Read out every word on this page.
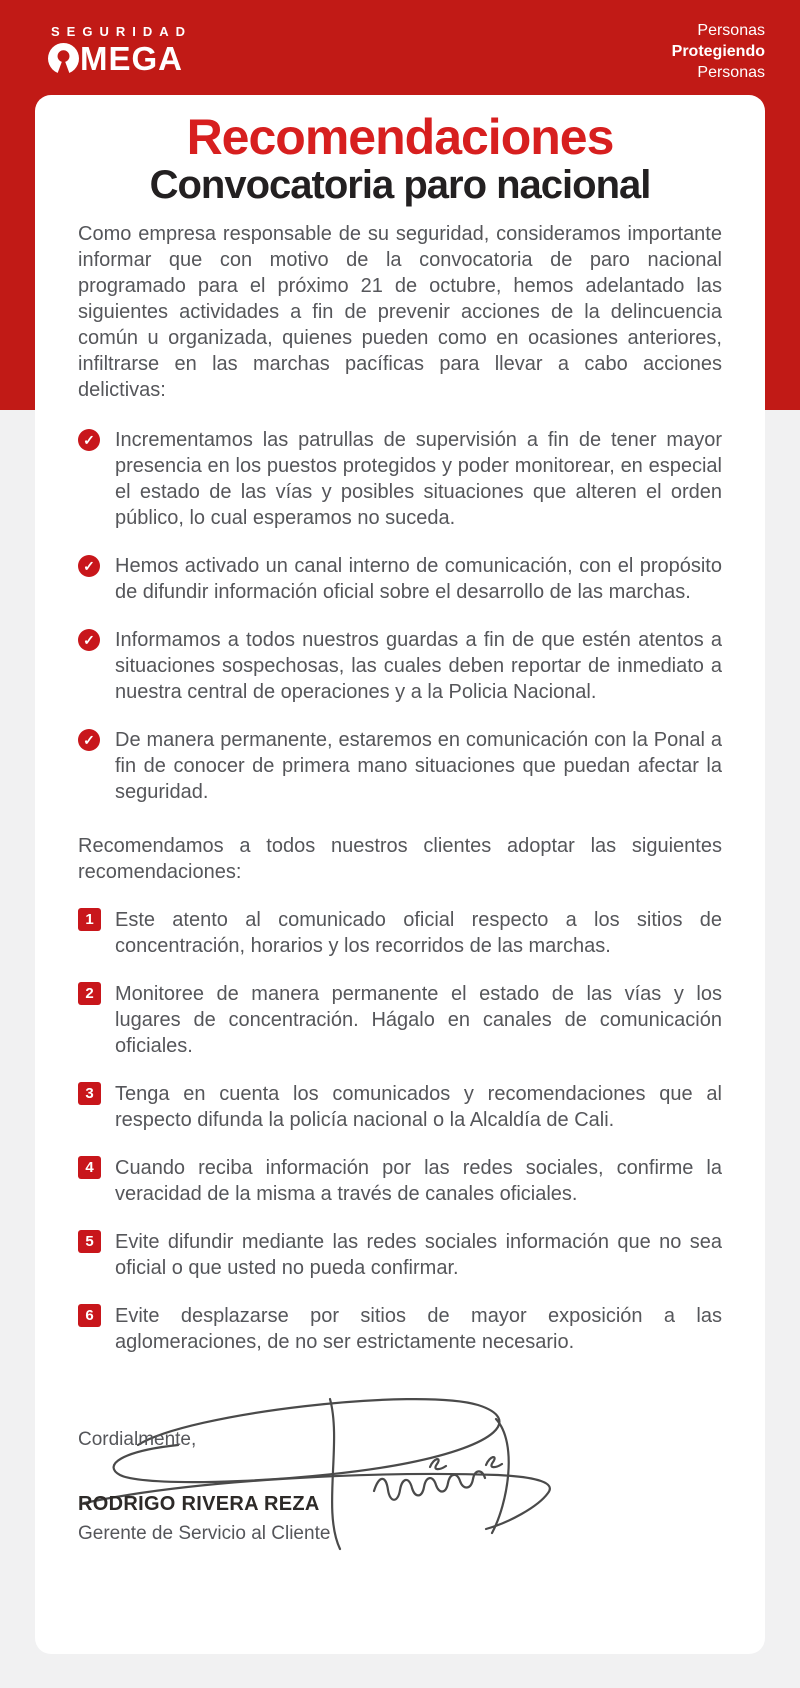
SEGURIDAD
MEGA
Personas
Protegiendo
Personas
Recomendaciones
Convocatoria paro nacional

Como empresa responsable de su seguridad, consideramos importante informar que con motivo de la convocatoria de paro nacional programado para el próximo 21 de octubre, hemos adelantado las siguientes actividades a fin de prevenir acciones de la delincuencia común u organizada, quienes pueden como en ocasiones anteriores, infiltrarse en las marchas pacíficas para llevar a cabo acciones delictivas:

✓ Incrementamos las patrullas de supervisión a fin de tener mayor presencia en los puestos protegidos y poder monitorear, en especial el estado de las vías y posibles situaciones que alteren el orden público, lo cual esperamos no suceda.
✓ Hemos activado un canal interno de comunicación, con el propósito de difundir información oficial sobre el desarrollo de las marchas.
✓ Informamos a todos nuestros guardas a fin de que estén atentos a situaciones sospechosas, las cuales deben reportar de inmediato a nuestra central de operaciones y a la Policia Nacional.
✓ De manera permanente, estaremos en comunicación con la Ponal a fin de conocer de primera mano situaciones que puedan afectar la seguridad.

Recomendamos a todos nuestros clientes adoptar las siguientes recomendaciones:

1	Este atento al comunicado oficial respecto a los sitios de concentración, horarios y los recorridos de las marchas.
2	Monitoree de manera permanente el estado de las vías y los lugares de concentración. Hágalo en canales de comunicación oficiales.
3	Tenga en cuenta los comunicados y recomendaciones que al respecto difunda la policía nacional o la Alcaldía de Cali.
4	Cuando reciba información por las redes sociales, confirme la veracidad de la misma a través de canales oficiales.
5	Evite difundir mediante las redes sociales información que no sea oficial o que usted no pueda confirmar.
6	Evite desplazarse por sitios de mayor exposición a las aglomeraciones, de no ser estrictamente necesario.
Cordialmente,
RODRIGO RIVERA REZA
Gerente de Servicio al Cliente
